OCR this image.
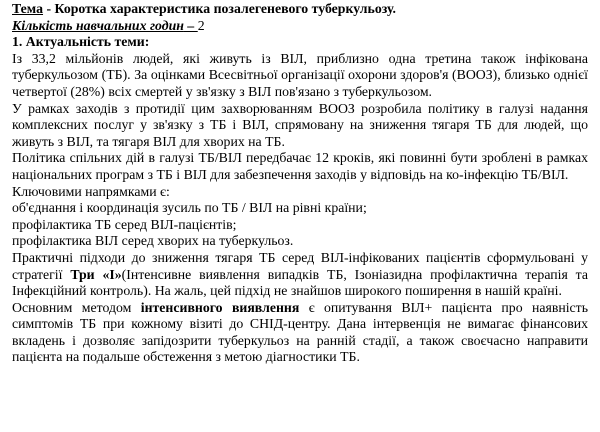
Тема - Коротка характеристика позалегеневого туберкульозу.

Кількість навчальних годин – 2

1. Актуальність теми:

Із 33,2 мільйонів людей, які живуть із ВІЛ, приблизно одна третина також інфікована туберкульозом (ТБ). За оцінками Всесвітньої організації охорони здоров'я (ВООЗ), близько однієї четвертої (28%) всіх смертей у зв'язку з ВІЛ пов'язано з туберкульозом.

У рамках заходів з протидії цим захворюванням ВООЗ розробила політику в галузі надання комплексних послуг у зв'язку з ТБ і ВІЛ, спрямовану на зниження тягаря ТБ для людей, що живуть з ВІЛ, та тягаря ВІЛ для хворих на ТБ.

Політика спільних дій в галузі ТБ/ВІЛ передбачає 12 кроків, які повинні бути зроблені в рамках національних програм з ТБ і ВІЛ для забезпечення заходів у відповідь на ко-інфекцію ТБ/ВІЛ.

Ключовими напрямками є:

об'єднання і координація зусиль по ТБ / ВІЛ на рівні країни;

профілактика ТБ серед ВІЛ-пацієнтів;

профілактика ВІЛ серед хворих на туберкульоз.

Практичні підходи до зниження тягаря ТБ серед ВІЛ-інфікованих пацієнтів сформульовані у стратегії Три «І»(Інтенсивне виявлення випадків ТБ, Ізоніазидна профілактична терапія та Інфекційний контроль). На жаль, цей підхід не знайшов широкого поширення в нашій країні.

Основним методом інтенсивного виявлення є опитування ВІЛ+ пацієнта про наявність симптомів ТБ при кожному візиті до СНІД-центру. Дана інтервенція не вимагає фінансових вкладень і дозволяє запідозрити туберкульоз на ранній стадії, а також своєчасно направити пацієнта на подальше обстеження з метою діагностики ТБ.
